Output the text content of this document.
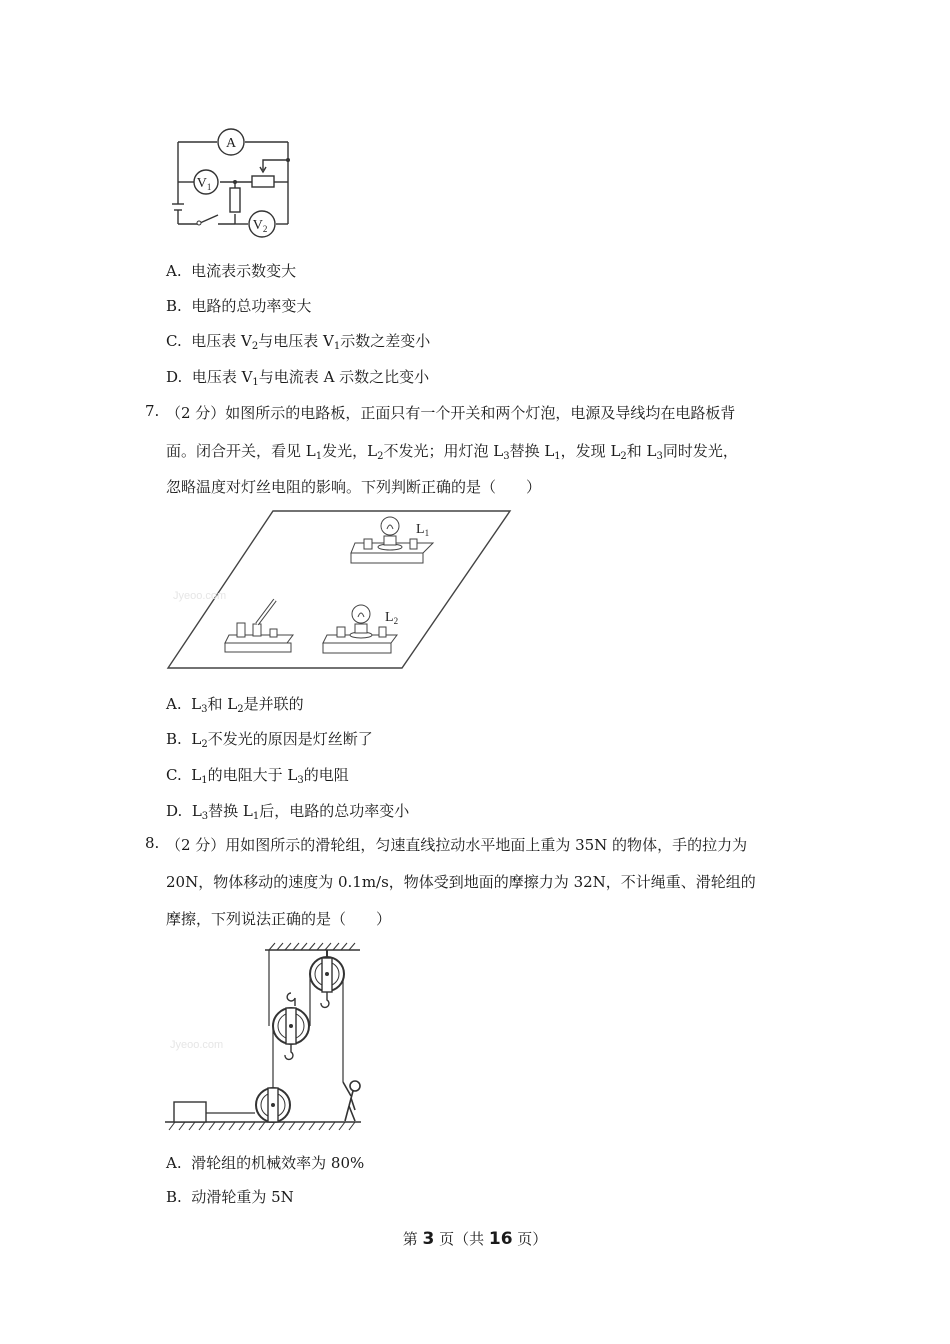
A
$V_1$
$V_2$
A. 电流表示数变大
B. 电路的总功率变大
C. 电压表 $V_2$与电压表 $V_1$示数之差变小
D. 电压表 $V_1$与电流表 A 示数之比变小
7. （2 分）如图所示的电路板，正面只有一个开关和两个灯泡，电源及导线均在电路板背
面。闭合开关，看见 $L_1$发光，$L_2$不发光；用灯泡 $L_3$替换 $L_1$，发现 $L_2$和 $L_3$同时发光，
忽略温度对灯丝电阻的影响。下列判断正确的是（　　）
Jyeoo.com
$L_1$
$L_2$
A. $L_3$和 $L_2$是并联的
B. $L_2$不发光的原因是灯丝断了
C. $L_1$的电阻大于 $L_3$的电阻
D. $L_3$替换 $L_1$后，电路的总功率变小
8. （2 分）用如图所示的滑轮组，匀速直线拉动水平地面上重为 35N 的物体，手的拉力为
20N，物体移动的速度为 0.1m/s，物体受到地面的摩擦力为 32N，不计绳重、滑轮组的
摩擦，下列说法正确的是（　　）
Jyeoo.com
A. 滑轮组的机械效率为 80%
B. 动滑轮重为 5N
第 3 页（共 16 页）
